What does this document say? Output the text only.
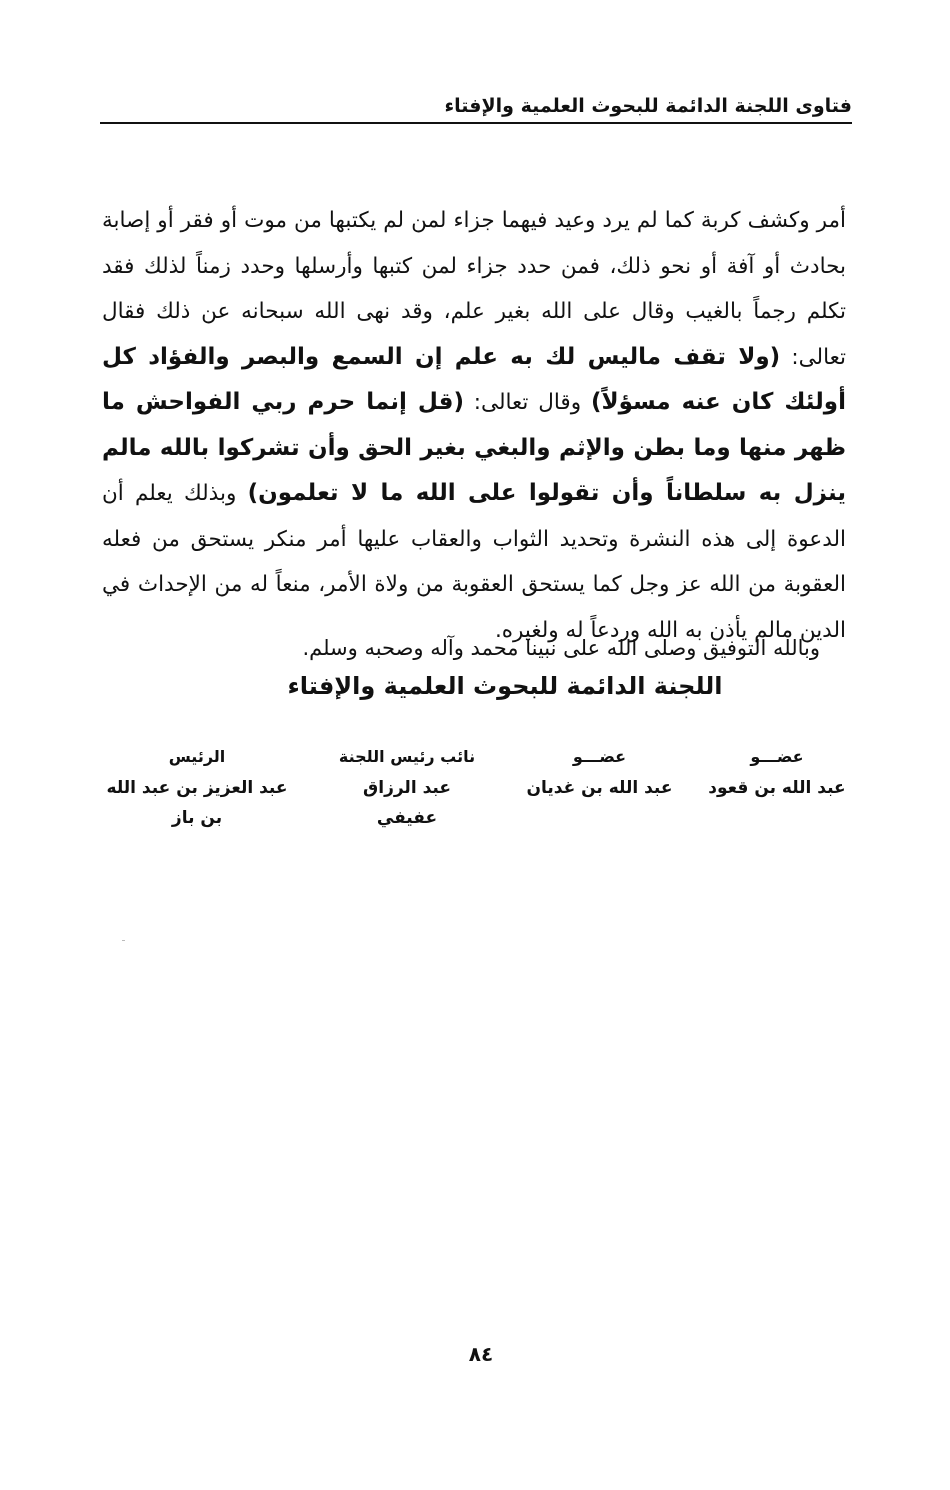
فتاوى اللجنة الدائمة للبحوث العلمية والإفتاء
أمر وكشف كربة كما لم يرد وعيد فيهما جزاء لمن لم يكتبها من موت أو فقر أو إصابة بحادث أو آفة أو نحو ذلك، فمن حدد جزاء لمن كتبها وأرسلها وحدد زمناً لذلك فقد تكلم رجماً بالغيب وقال على الله بغير علم، وقد نهى الله سبحانه عن ذلك فقال تعالى: (ولا تقف ماليس لك به علم إن السمع والبصر والفؤاد كل أولئك كان عنه مسؤلاً) وقال تعالى: (قل إنما حرم ربي الفواحش ما ظهر منها وما بطن والإثم والبغي بغير الحق وأن تشركوا بالله مالم ينزل به سلطاناً وأن تقولوا على الله ما لا تعلمون) وبذلك يعلم أن الدعوة إلى هذه النشرة وتحديد الثواب والعقاب عليها أمر منكر يستحق من فعله العقوبة من الله عز وجل كما يستحق العقوبة من ولاة الأمر، منعاً له من الإحداث في الدين مالم يأذن به الله وردعاً له ولغيره.
وبالله التوفيق وصلى الله على نبينا محمد وآله وصحبه وسلم.
اللجنة الدائمة للبحوث العلمية والإفتاء
عضـــو
عبد الله بن قعود
عضـــو
عبد الله بن غديان
نائب رئيس اللجنة
عبد الرزاق عفيفي
الرئيس
عبد العزيز بن عبد الله بن باز
٨٤
